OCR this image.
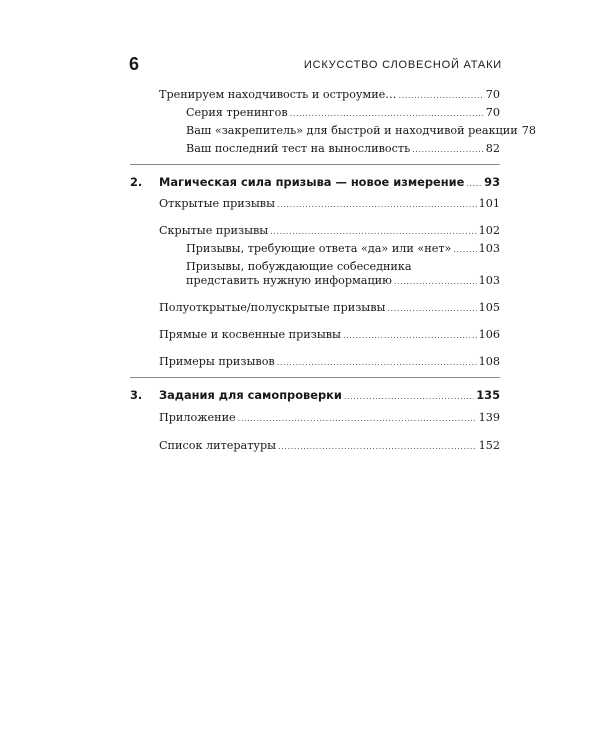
6	ИСКУССТВО СЛОВЕСНОЙ АТАКИ
Тренируем находчивость и остроумие… .....	70
Серия тренингов .....	70
Ваш «закрепитель» для быстрой и находчивой реакции 78
Ваш последний тест на выносливость .....	82
2. Магическая сила призыва — новое измерение ..... 93
Открытые призывы .....	101
Скрытые призывы .....	102
Призывы, требующие ответа «да» или «нет» ..... 103
Призывы, побуждающие собеседника
представить нужную информацию .....	103
Полуоткрытые/полускрытые призывы .....	105
Прямые и косвенные призывы .....	106
Примеры призывов .....	108
3. Задания для самопроверки .....	135
Приложение .....	139
Список литературы .....	152
